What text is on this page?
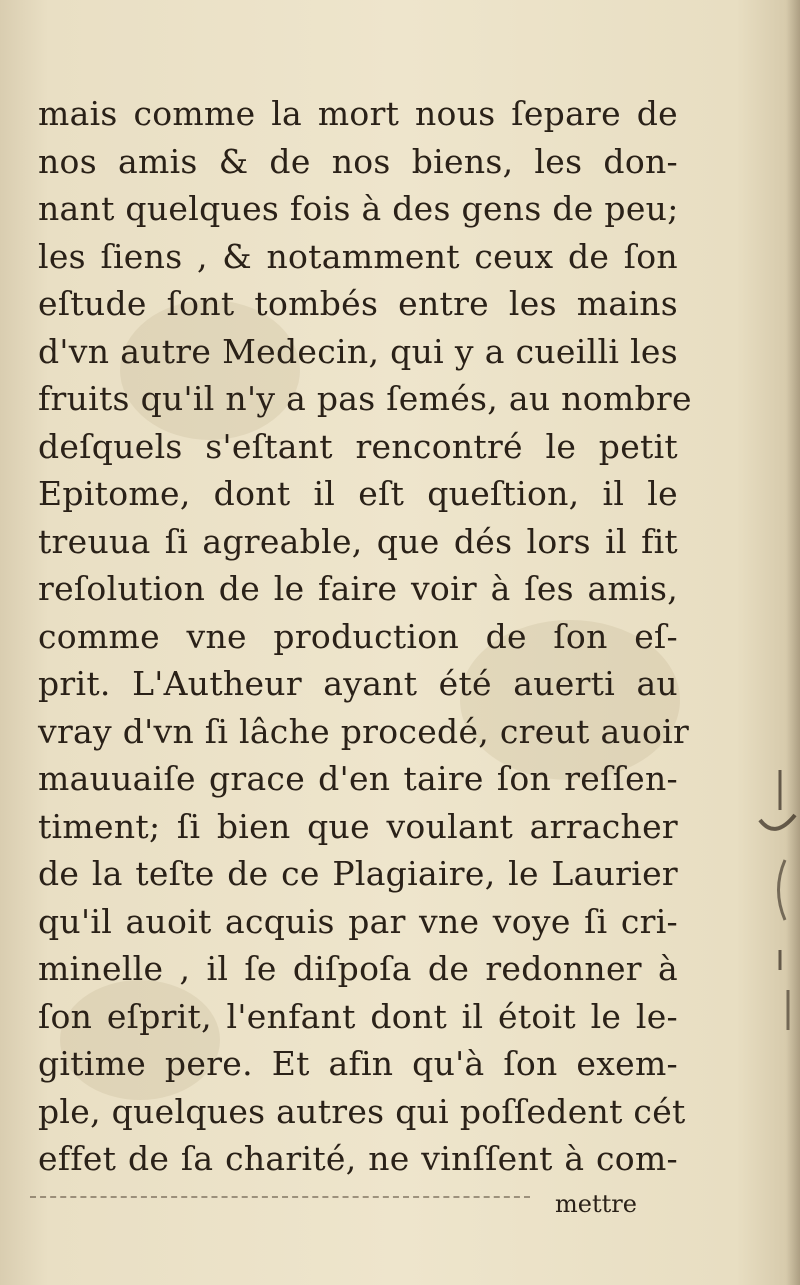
mais comme la mort nous ſepare de
nos amis & de nos biens, les don-
nant quelques fois à des gens de peu;
les ſiens , & notamment ceux de ſon
eſtude ſont tombés entre les mains
d'vn autre Medecin, qui y a cueilli les
fruits qu'il n'y a pas ſemés, au nombre
deſquels s'eſtant rencontré le petit
Epitome, dont il eſt queſtion, il le
treuua ſi agreable, que dés lors il fit
reſolution de le faire voir à ſes amis,
comme vne production de ſon eſ-
prit. L'Autheur ayant été auerti au
vray d'vn ſi lâche procedé, creut auoir
mauuaiſe grace d'en taire ſon reſſen-
timent; ſi bien que voulant arracher
de la teſte de ce Plagiaire, le Laurier
qu'il auoit acquis par vne voye ſi cri-
minelle , il ſe diſpoſa de redonner à
ſon eſprit, l'enfant dont il étoit le le-
gitime pere. Et afin qu'à ſon exem-
ple, quelques autres qui poſſedent cét
effet de ſa charité, ne vinſſent à com-
mettre
